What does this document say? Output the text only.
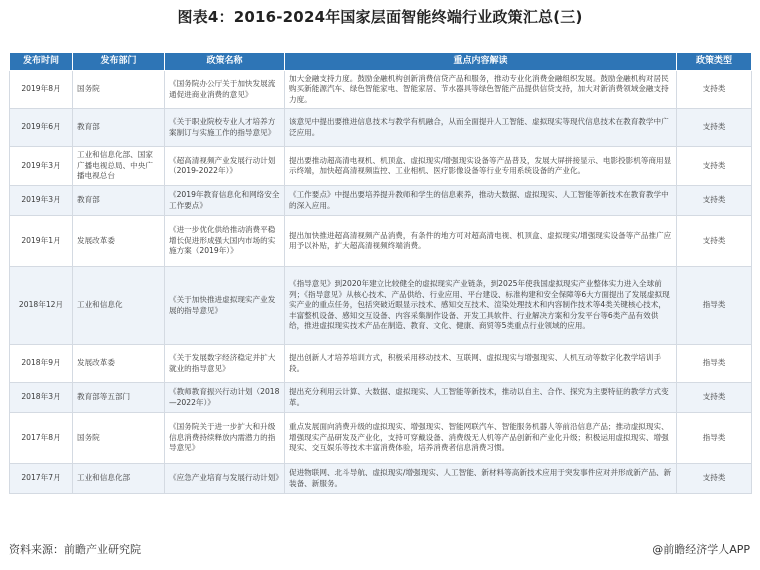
图表4：2016-2024年国家层面智能终端行业政策汇总(三)
发布时间	发布部门	政策名称	重点内容解读	政策类型
2019年8月	国务院	《国务院办公厅关于加快发展流通促进商业消费的意见》	加大金融支持力度。鼓励金融机构创新消费信贷产品和服务，推动专业化消费金融组织发展。鼓励金融机构对居民购买新能源汽车、绿色智能家电、智能家居、节水器具等绿色智能产品提供信贷支持，加大对新消费领域金融支持力度。	支持类
2019年6月	教育部	《关于职业院校专业人才培养方案制订与实施工作的指导意见》	该意见中提出要推进信息技术与教学有机融合，从而全面提升人工智能、虚拟现实等现代信息技术在教育教学中广泛应用。	支持类
2019年3月	工业和信息化部、国家广播电视总局、中央广播电视总台	《超高清视频产业发展行动计划（2019-2022年）》	提出要推动超高清电视机、机顶盒、虚拟现实/增强现实设备等产品普及，发展大屏拼接显示、电影投影机等商用显示终端，加快超高清视频监控、工业相机、医疗影像设备等行业专用系统设备的产业化。	支持类
2019年3月	教育部	《2019年教育信息化和网络安全工作要点》	《工作要点》中提出要培养提升教师和学生的信息素养，推动大数据、虚拟现实、人工智能等新技术在教育教学中的深入应用。	支持类
2019年1月	发展改革委	《进一步优化供给推动消费平稳增长促进形成强大国内市场的实施方案（2019年）》	提出加快推进超高清视频产品消费，有条件的地方可对超高清电视、机顶盒、虚拟现实/增强现实设备等产品推广应用予以补贴，扩大超高清视频终端消费。	支持类
2018年12月	工业和信息化	《关于加快推进虚拟现实产业发展的指导意见》	《指导意见》到2020年建立比较健全的虚拟现实产业链条，到2025年使我国虚拟现实产业整体实力进入全球前列；《指导意见》从核心技术、产品供给、行业应用、平台建设、标准构建和安全保障等6大方面提出了发展虚拟现实产业的重点任务，包括突破近眼显示技术、感知交互技术、渲染处理技术和内容制作技术等4类关键核心技术，丰富整机设备、感知交互设备、内容采集制作设备、开发工具软件、行业解决方案和分发平台等6类产品有效供给，推进虚拟现实技术产品在制造、教育、文化、健康、商贸等5类重点行业领域的应用。	指导类
2018年9月	发展改革委	《关于发展数字经济稳定并扩大就业的指导意见》	提出创新人才培养培训方式，积极采用移动技术、互联网、虚拟现实与增强现实、人机互动等数字化教学培训手段。	指导类
2018年3月	教育部等五部门	《教师教育振兴行动计划（2018—2022年）》	提出充分利用云计算、大数据、虚拟现实、人工智能等新技术，推动以自主、合作、探究为主要特征的教学方式变革。	支持类
2017年8月	国务院	《国务院关于进一步扩大和升级信息消费持续释放内需潜力的指导意见》	重点发展面向消费升级的虚拟现实、增强现实、智能网联汽车、智能服务机器人等前沿信息产品；推动虚拟现实、增强现实产品研发及产业化，支持可穿戴设备、消费级无人机等产品创新和产业化升级；积极运用虚拟现实、增强现实、交互娱乐等技术丰富消费体验，培养消费者信息消费习惯。	指导类
2017年7月	工业和信息化部	《应急产业培育与发展行动计划》	促进物联网、北斗导航、虚拟现实/增强现实、人工智能、新材料等高新技术应用于突发事件应对并形成新产品、新装备、新服务。	支持类
资料来源：前瞻产业研究院	@前瞻经济学人APP
